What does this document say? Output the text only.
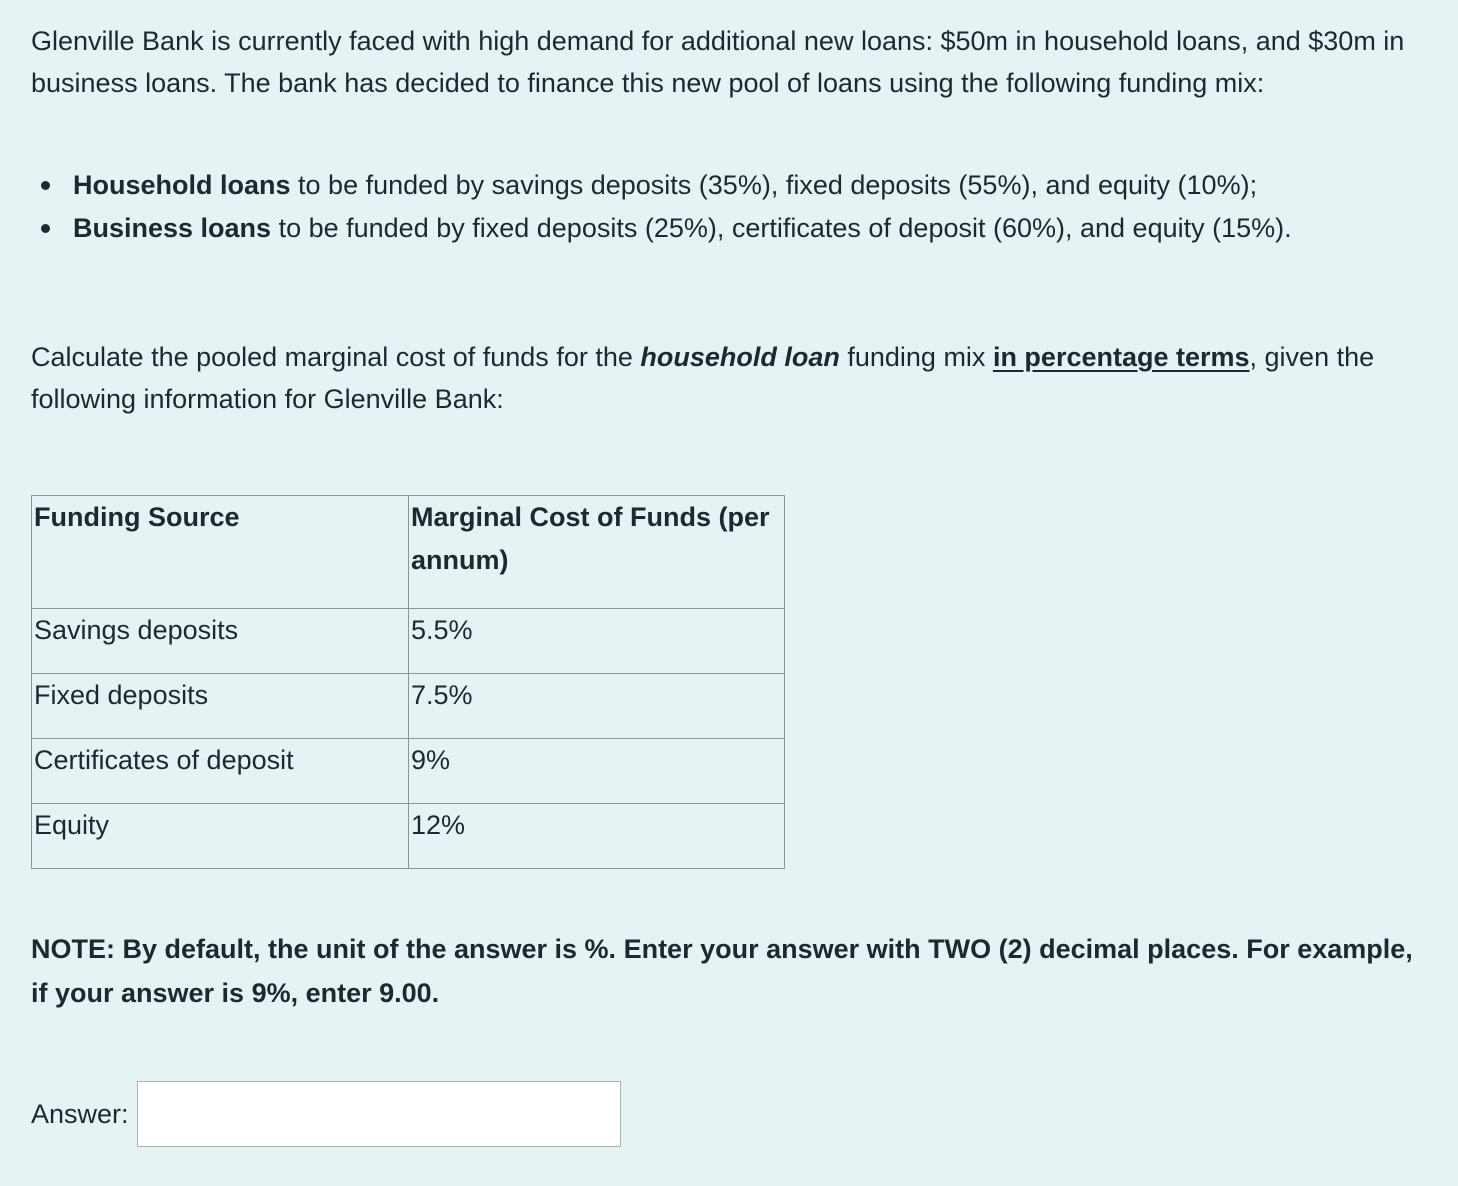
Glenville Bank is currently faced with high demand for additional new loans: $50m in household loans, and $30m in business loans. The bank has decided to finance this new pool of loans using the following funding mix:

Household loans to be funded by savings deposits (35%), fixed deposits (55%), and equity (10%);
Business loans to be funded by fixed deposits (25%), certificates of deposit (60%), and equity (15%).

Calculate the pooled marginal cost of funds for the household loan funding mix in percentage terms, given the following information for Glenville Bank:

Funding Source	Marginal Cost of Funds (per annum)
Savings deposits	5.5%
Fixed deposits	7.5%
Certificates of deposit	9%
Equity	12%

NOTE: By default, the unit of the answer is %. Enter your answer with TWO (2) decimal places. For example, if your answer is 9%, enter 9.00.

Answer:
